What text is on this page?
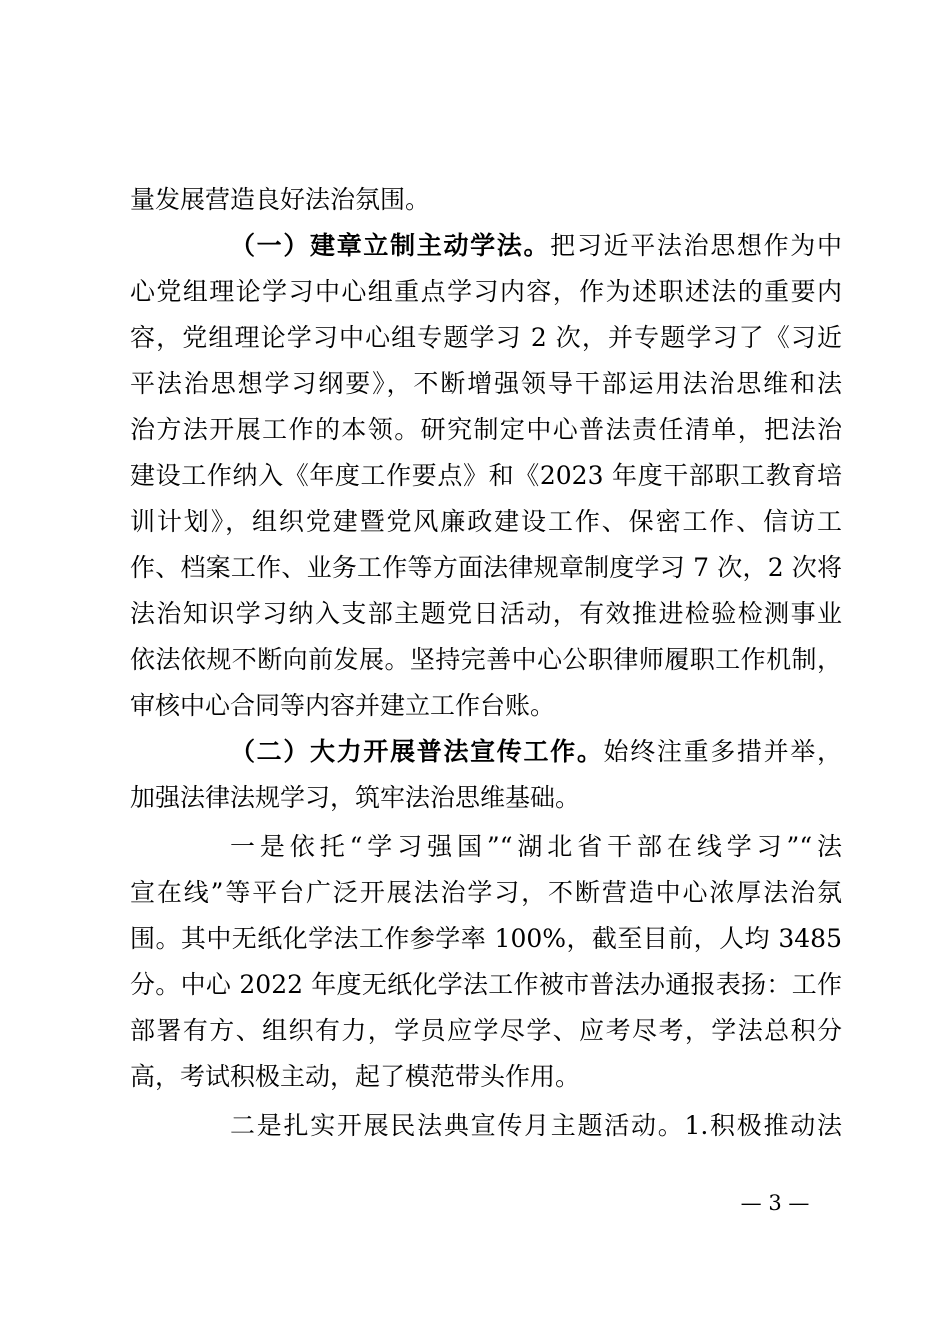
量发展营造良好法治氛围。
（一）建章立制主动学法。把习近平法治思想作为中
心党组理论学习中心组重点学习内容，作为述职述法的重要内
容，党组理论学习中心组专题学习 2 次，并专题学习了《习近
平法治思想学习纲要》，不断增强领导干部运用法治思维和法
治方法开展工作的本领。研究制定中心普法责任清单，把法治
建设工作纳入《年度工作要点》和《2023 年度干部职工教育培
训计划》，组织党建暨党风廉政建设工作、保密工作、信访工
作、档案工作、业务工作等方面法律规章制度学习 7 次，2 次将
法治知识学习纳入支部主题党日活动，有效推进检验检测事业
依法依规不断向前发展。坚持完善中心公职律师履职工作机制，
审核中心合同等内容并建立工作台账。
（二）大力开展普法宣传工作。始终注重多措并举，
加强法律法规学习，筑牢法治思维基础。
一是依托“学习强国”“湖北省干部在线学习”“法
宣在线”等平台广泛开展法治学习，不断营造中心浓厚法治氛
围。其中无纸化学法工作参学率 100%，截至目前，人均 3485
分。中心 2022 年度无纸化学法工作被市普法办通报表扬：工作
部署有方、组织有力，学员应学尽学、应考尽考，学法总积分
高，考试积极主动，起了模范带头作用。
二是扎实开展民法典宣传月主题活动。1.积极推动法
— 3 —
